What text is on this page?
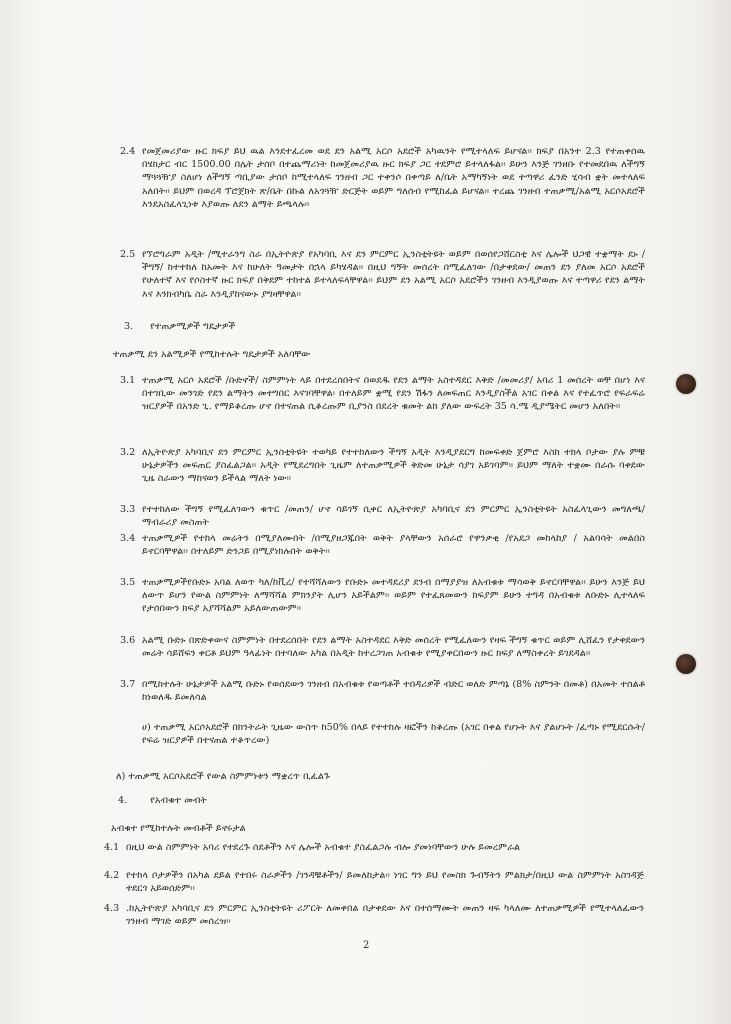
2.4 የመጀመሪያው ዙር ክፍያ ይህ ዉል እንደተፈረመ ወደ ደን አልሚ አርሶ አደሮች አካዉንት የሚተላለፍ ይሆናል፡፡ ክፍያ በአንተ 2.3 የተጠቀሰዉ በሄክታር ብር 1500.00 በሌት ታሰቦ በተጨማሪነት ከመጀመሪያዉ ዙር ክፍያ ጋር ተደምሮ ይተላለፋል፡፡ ይሁን እንጅ ገንዘቡ የተመደበዉ ለችግኝ ማጓጓዥያ ስለሆነ ለችግኝ ጣቢያው ታሰቦ ከሚተላለፍ ገንዘብ ጋር ተቀንሶ በቀጣይ ለ/ቤት አማካኝነት ወደ ተጣዋሪ ፈንድ ሂሳብ ቋት መተላለፍ አለበት፡፡ ይህም በወረዳ ፕሮጀክት ጽ/ቤት በኩል ለአጎጓዥ ድርጅት ወይም ግለሰብ የሚከፈል ይሆናል፡፡ ተረጨ ገንዘብ ተጠቃሚ/አልሚ አርሶአደሮች እንደአስፈላጊነቱ እያወጡ ለደን ልማት ይጫላሉ፡፡
2.5 የኘሮግራም አዲት /ሚተራንግ ስራ በኢትዮጵያ የአካባቢ እና ደን ምርምር ኢንስቲትዩት ወይም በወሰየጋሸርስቲ እና ሌሎች ህጋዊ ተቋማት ደኑ /ችግኝ/ ከተተከለ ከአመት እና ከሁለት ዓመታት በኋላ ይካሄዳል፡፡ በዚህ ግኝት መሰረት በሚፈለገው /በታቀደው/ መጠን ደን ያለመ አርሶ አደሮች የሁለተኛ እና የሶስተኛ ዙር ክፍያ በቅደም ተከተል ይተላለፍላቸዋል፡፡ ይህም ደን አልሚ አርሶ አደሮችን ገንዘብ እንዲያወጡ እና ተጣዋሪ የደን ልማት እና እንክብካቤ ስራ እንዲያከናውኑ ያግዛቸዋል፡፡
3. የተጠቃሚዎች ግዴታዎች
ተጠቃሚ ደን አልሚዎች የሚከተሉት ግዴታዎች አለባቸው
3.1 ተጠቃሚ አርሶ አደሮች /ቡድኖች/ ስምምነት ላይ በተደረሰበትና በወደዱ የደን ልማት አስተዳደር እቅድ /መመሪያ/ አባሪ 1 መሰረት ወቸ በሆነ እና በተገቢው መንገድ የደን ልማትን መተግበር እናገባቸዋል፡ በተለይም ቋሚ የደን ሽፋን ለመፍጠር እንዲያስችል አገር በቀል እና የተፈጥሮ የፍራፍሬ ዝርያዎች በአንድ ጊ. የማይቆረጡ ሆኖ በተናጠል ሲቆረጡም ቢያንስ በደረት ቁመት ልክ ያለው ውፍረት 35 ሳ.ሜ ዲያሜትር መሆን አለበት፡፡
3.2 ለኢትዮጵያ አካባቢና ደን ምርምር ኢንስቲትዩት ተወካይ የተተከለውን ችግኝ አዲት እንዲያደርግ ከመፍቀድ ጀምሮ እስከ ተክላ ቦታው ያሉ ምቹ ሁኔታዎችን መፍጠር ያስፈልጋል፡፡ አዲት የሚደረግበት ጊዜም ለተጠቃሚዎች ቅድመ ሁኔታ ሳያገ አይገባም፡፡ ይህም ማለት ተቋሙ በራሱ ባቀደው ጊዜ ስራውን ማከናወን ይችላል ማለት ነው፡፡
3.3 የተተከለው ችግኝ የሚፈለገውን ቁጥር /መጠን/ ሆኖ ሳይገኝ ሲቀር ለኢትዮጵያ አካባቢና ደን ምርምር ኢንስቲትዩት አስፈላጊውን መግለጫ/ማብራሪያ መስጠት
3.4 ተጠቃሚዎች የተከላ መሬትን በሚያለሙበት /በሚያዘጋጁበት ወቅት ያላቸውን አሰራሮ የዋንቃቂ /የአደጋ መከላከያ / አልባሳት መልበስ ይኖርባቸዋል፡፡ በተለይም ድንጋይ በሚያነክሉበት ወቅት፡፡
3.5 ተጠቃሚዎችየቡድኑ አባል ለወጥ ካለ/ከቪረ/ የተሻሻለውን የቡድኑ መተዳደሪያ ደንብ በማያያዝ ለአብቁቱ ማሳወቅ ይኖርባቸዋል፡፡ ይሁን እንጅ ይህ ለውጥ ይሆን የውል ስምምነት ለማሻሻል ምክንያት ሊሆን አይችልም፡፡ ወይም የተፈጸመውን ክፍያም ይሁን ተግዳ በአብቁቱ ለቡድኑ ሊተላለፍ የታሰበውን ክፍያ አያሻሻልም አይለውጠውም፡፡
3.6 አልሚ ቡድኑ በጽድቀውና ስምምነት በተደረሰበት የደን ልማት አስተዳደር እቅድ መሰረት የሚፈለውን የዛፍ ችግኝ ቁጥር ወይም ሊሸፈን የታቀደውን መሬት ሳይሸፍን ቀርቶ ይህም ዓላፊነት በተባለው አካል በአዲት ከተረጋገጠ አብቁቱ የሚያቀርበውን ዙር ክፍያ ለማስቀረት ይገደዳል፡፡
3.7 በሚከተሉት ሁኔታዎች አልሚ ቡድኑ የወሰደውን ገንዘብ በአብቁቱ የወጣቶች ተበዳሪዎች ብድር ወለድ ምጣኔ (8% ስምንት በመቶ) በአመት ተሰልቶ ከነወለዱ ይመለሳል
ሀ) ተጠቃሚ አርሶአደሮች በክንትራት ጊዜው ውስጥ ከ50% በላይ የተተከሉ ዛፎችን ከቆረጡ (አገር በቀል የሆኑት እና ያልሆኑት /ፈጣኑ የሚደርሱት/ የፍሬ ዝርያዎች በተናጠል ተቆጥረው)
ለ) ተጠቃሚ አርሶአደሮች የውል ስምምነቱን ማቋረጥ ቢፈልጉ
4. የአብቁተ መብት
አብቁተ የሚከተሉት መብቶች ይኖሩታል
4.1 በዚህ ውል ስምምነት አባሪ የተደረጉ ሰደቶችን እና ሌሎች አብቁተ ያስፈልጋሉ ብሎ ያመነባቸውን ሁሉ ይመረምራል
4.2 የተከላ ቦታዎችን በአካል ደይል የተበሩ ስራዎችን /ገንዳቹቶችን/ ይመለከታል፡፡ ነገር ግን ይህ የመስክ ጉብኝትን ምልክታ/በዚህ ውል ስምምነት አስገዳጅ ተደርጎ አይወሰድም፡፡
4.3 .ከኢትዮጵያ አካባቢና ደን ምርምር ኢንስቲትዩት ሪፖርት ለመቀበል በታቀደው እና በተሰማሙት መጠን ዛፍ ካላለሙ ለተጠቃሚዎች የሚተላለፈውን ገንዘብ ማገድ ወይም መሰረዝ፡፡
2
